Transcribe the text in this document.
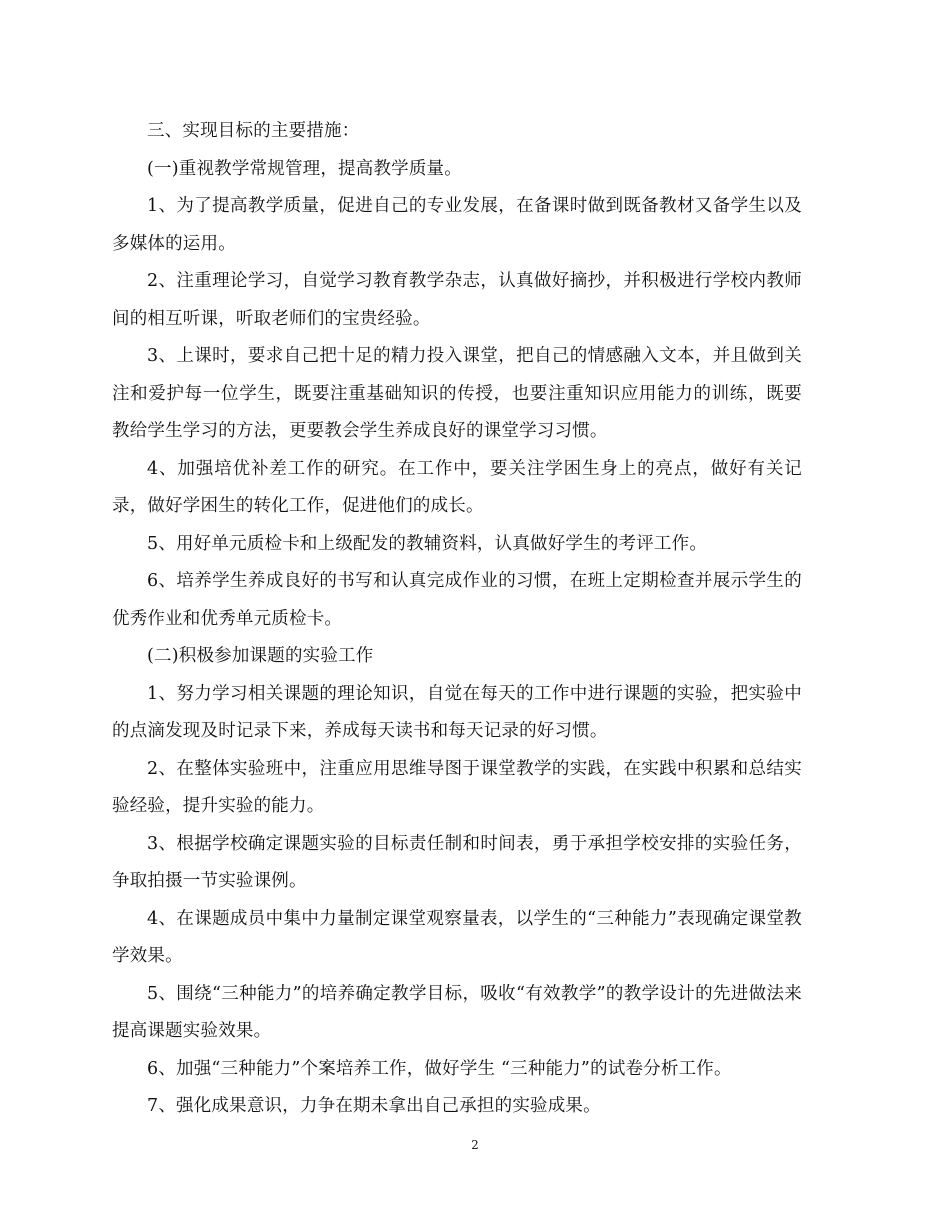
三、实现目标的主要措施：

(一)重视教学常规管理，提高教学质量。

1、为了提高教学质量，促进自己的专业发展，在备课时做到既备教材又备学生以及多媒体的运用。

2、注重理论学习，自觉学习教育教学杂志，认真做好摘抄，并积极进行学校内教师间的相互听课，听取老师们的宝贵经验。

3、上课时，要求自己把十足的精力投入课堂，把自己的情感融入文本，并且做到关注和爱护每一位学生，既要注重基础知识的传授，也要注重知识应用能力的训练，既要教给学生学习的方法，更要教会学生养成良好的课堂学习习惯。

4、加强培优补差工作的研究。在工作中，要关注学困生身上的亮点，做好有关记录，做好学困生的转化工作，促进他们的成长。

5、用好单元质检卡和上级配发的教辅资料，认真做好学生的考评工作。

6、培养学生养成良好的书写和认真完成作业的习惯，在班上定期检查并展示学生的优秀作业和优秀单元质检卡。

(二)积极参加课题的实验工作

1、努力学习相关课题的理论知识，自觉在每天的工作中进行课题的实验，把实验中的点滴发现及时记录下来，养成每天读书和每天记录的好习惯。

2、在整体实验班中，注重应用思维导图于课堂教学的实践，在实践中积累和总结实验经验，提升实验的能力。

3、根据学校确定课题实验的目标责任制和时间表，勇于承担学校安排的实验任务，争取拍摄一节实验课例。

4、在课题成员中集中力量制定课堂观察量表，以学生的“三种能力”表现确定课堂教学效果。

5、围绕“三种能力”的培养确定教学目标，吸收“有效教学”的教学设计的先进做法来提高课题实验效果。

6、加强“三种能力”个案培养工作，做好学生 “三种能力”的试卷分析工作。

7、强化成果意识，力争在期未拿出自己承担的实验成果。

2
